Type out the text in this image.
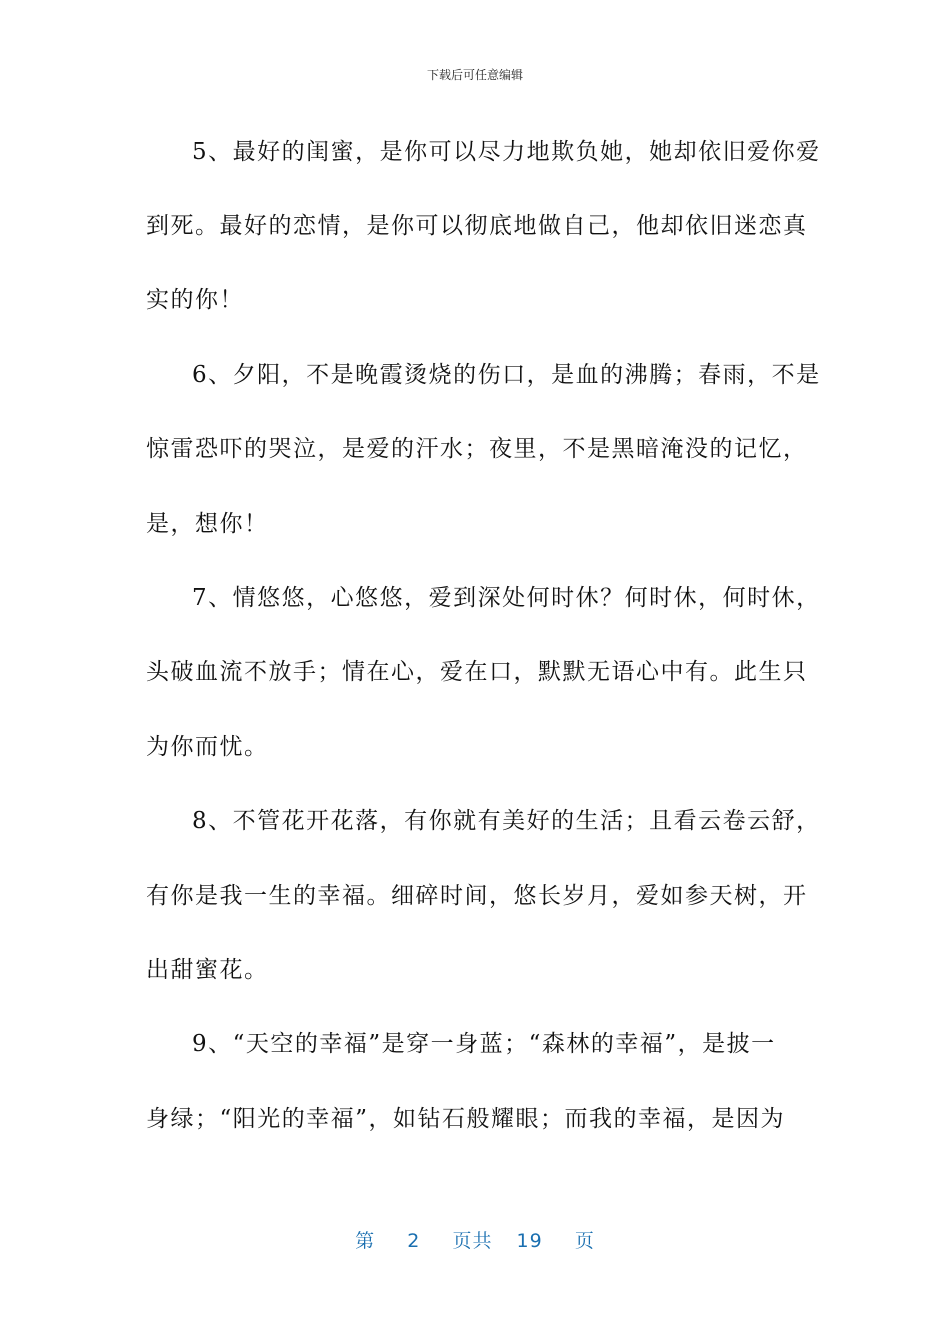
下载后可任意编辑
5、最好的闺蜜，是你可以尽力地欺负她，她却依旧爱你爱
到死。最好的恋情，是你可以彻底地做自己，他却依旧迷恋真
实的你！
6、夕阳，不是晚霞烫烧的伤口，是血的沸腾；春雨，不是
惊雷恐吓的哭泣，是爱的汗水；夜里，不是黑暗淹没的记忆，
是，想你！
7、情悠悠，心悠悠，爱到深处何时休？何时休，何时休，
头破血流不放手；情在心，爱在口，默默无语心中有。此生只
为你而忧。
8、不管花开花落，有你就有美好的生活；且看云卷云舒，
有你是我一生的幸福。细碎时间，悠长岁月，爱如参天树，开
出甜蜜花。
9、“天空的幸福”是穿一身蓝；“森林的幸福”，是披一
身绿；“阳光的幸福”，如钻石般耀眼；而我的幸福，是因为
第 2 页共 19 页
